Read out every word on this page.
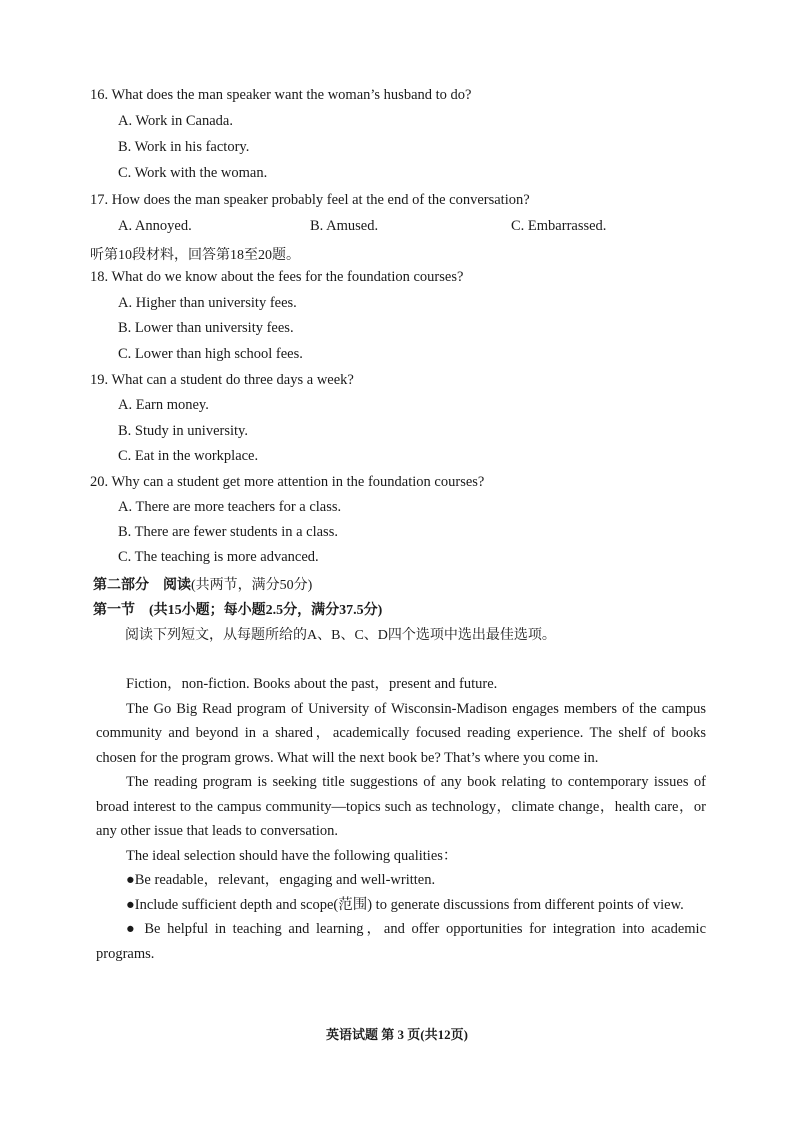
16. What does the man speaker want the woman’s husband to do?
A. Work in Canada.
B. Work in his factory.
C. Work with the woman.
17. How does the man speaker probably feel at the end of the conversation?
A. Annoyed.	B. Amused.	C. Embarrassed.
听第10段材料，回答第18至20题。
18. What do we know about the fees for the foundation courses?
A. Higher than university fees.
B. Lower than university fees.
C. Lower than high school fees.
19. What can a student do three days a week?
A. Earn money.
B. Study in university.
C. Eat in the workplace.
20. Why can a student get more attention in the foundation courses?
A. There are more teachers for a class.
B. There are fewer students in a class.
C. The teaching is more advanced.
第二部分　阅读(共两节，满分50分)
第一节　(共15小题；每小题2.5分，满分37.5分)
阅读下列短文，从每题所给的A、B、C、D四个选项中选出最佳选项。

Fiction，non-fiction. Books about the past，present and future.

The Go Big Read program of University of Wisconsin-Madison engages members of the campus community and beyond in a shared，academically focused reading experience. The shelf of books chosen for the program grows. What will the next book be? That’s where you come in.

The reading program is seeking title suggestions of any book relating to contemporary issues of broad interest to the campus community—topics such as technology，climate change，health care，or any other issue that leads to conversation.

The ideal selection should have the following qualities：

●Be readable，relevant，engaging and well-written.

●Include sufficient depth and scope(范围) to generate discussions from different points of view.

● Be helpful in teaching and learning，and offer opportunities for integration into academic programs.

英语试题 第 3 页(共12页)
